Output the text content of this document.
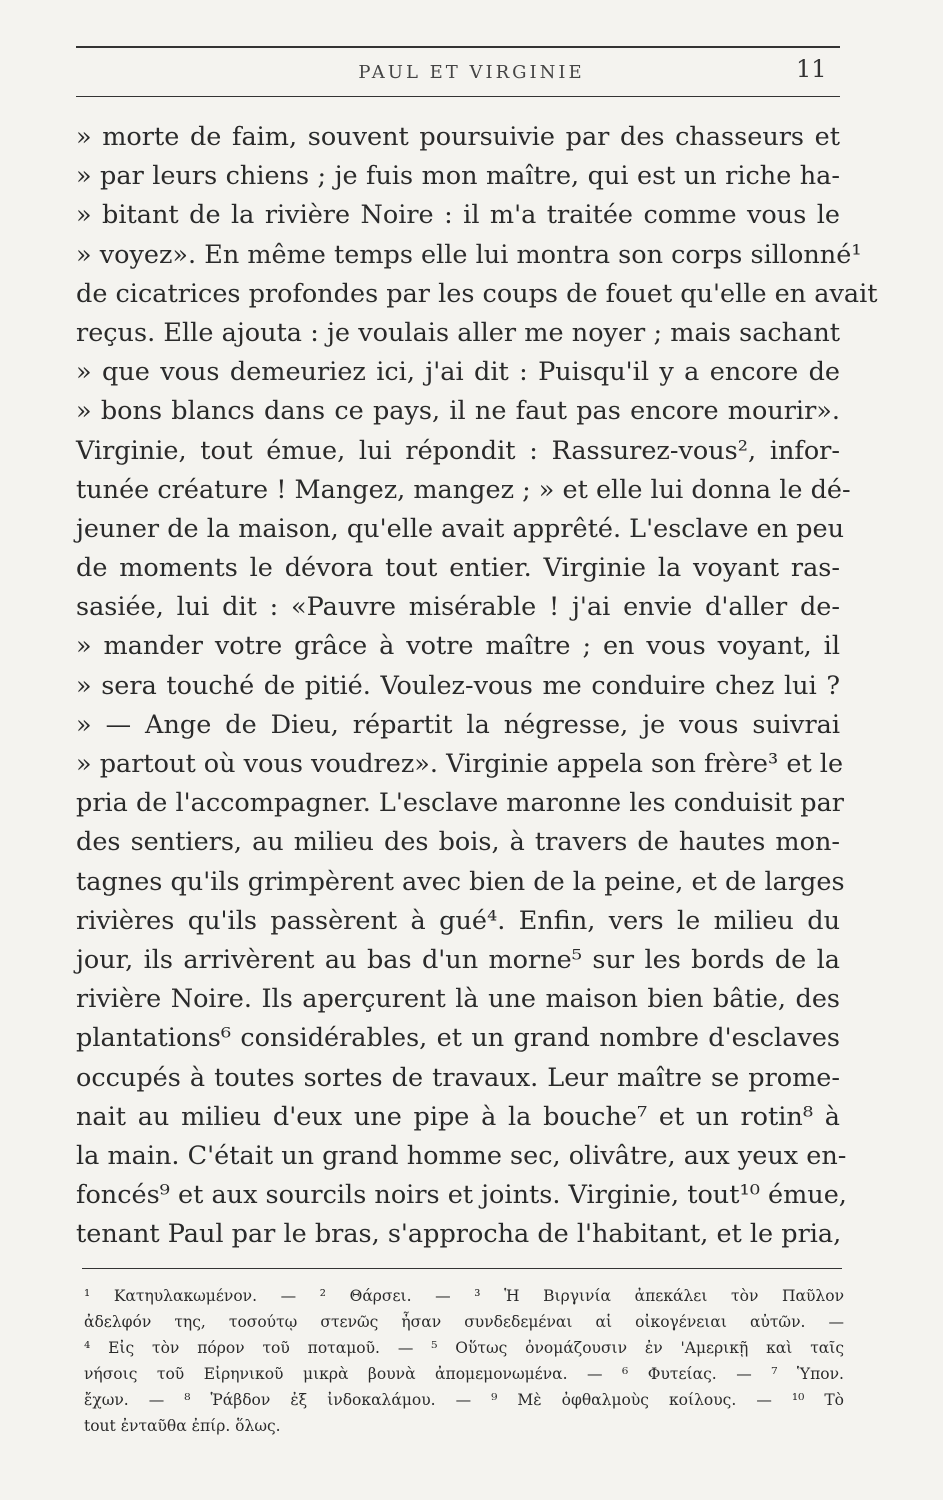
PAUL ET VIRGINIE	11
» morte de faim, souvent poursuivie par des chasseurs et
» par leurs chiens ; je fuis mon maître, qui est un riche ha-
» bitant de la rivière Noire : il m'a traitée comme vous le
» voyez». En même temps elle lui montra son corps sillonné¹
de cicatrices profondes par les coups de fouet qu'elle en avait
reçus. Elle ajouta : je voulais aller me noyer ; mais sachant
» que vous demeuriez ici, j'ai dit : Puisqu'il y a encore de
» bons blancs dans ce pays, il ne faut pas encore mourir».
Virginie, tout émue, lui répondit : Rassurez-vous², infor-
tunée créature ! Mangez, mangez ; » et elle lui donna le dé-
jeuner de la maison, qu'elle avait apprêté. L'esclave en peu
de moments le dévora tout entier. Virginie la voyant ras-
sasiée, lui dit : «Pauvre misérable ! j'ai envie d'aller de-
» mander votre grâce à votre maître ; en vous voyant, il
» sera touché de pitié. Voulez-vous me conduire chez lui ?
» — Ange de Dieu, répartit la négresse, je vous suivrai
» partout où vous voudrez». Virginie appela son frère³ et le
pria de l'accompagner. L'esclave maronne les conduisit par
des sentiers, au milieu des bois, à travers de hautes mon-
tagnes qu'ils grimpèrent avec bien de la peine, et de larges
rivières qu'ils passèrent à gué⁴. Enfin, vers le milieu du
jour, ils arrivèrent au bas d'un morne⁵ sur les bords de la
rivière Noire. Ils aperçurent là une maison bien bâtie, des
plantations⁶ considérables, et un grand nombre d'esclaves
occupés à toutes sortes de travaux. Leur maître se prome-
nait au milieu d'eux une pipe à la bouche⁷ et un rotin⁸ à
la main. C'était un grand homme sec, olivâtre, aux yeux en-
foncés⁹ et aux sourcils noirs et joints. Virginie, tout¹⁰ émue,
tenant Paul par le bras, s'approcha de l'habitant, et le pria,
¹ Κατηυλακωμένον. — ² Θάρσει. — ³ Ἡ Βιργινία ἀπεκάλει τὸν Παῦλον
ἀδελφόν της, τοσούτῳ στενῶς ἦσαν συνδεδεμέναι αἱ οἰκογένειαι αὐτῶν. —
⁴ Εἰς τὸν πόρον τοῦ ποταμοῦ. — ⁵ Οὕτως ὀνομάζουσιν ἐν 'Αμερικῇ καὶ ταῖς
νήσοις τοῦ Εἰρηνικοῦ μικρὰ βουνὰ ἀπομεμονωμένα. — ⁶ Φυτείας. — ⁷ Ὑπον.
ἔχων. — ⁸ Ῥάβδον ἐξ ἰνδοκαλάμου. — ⁹ Μὲ ὀφθαλμοὺς κοίλους. — ¹⁰ Τὸ
tout ἐνταῦθα ἐπίρ. ὅλως.
